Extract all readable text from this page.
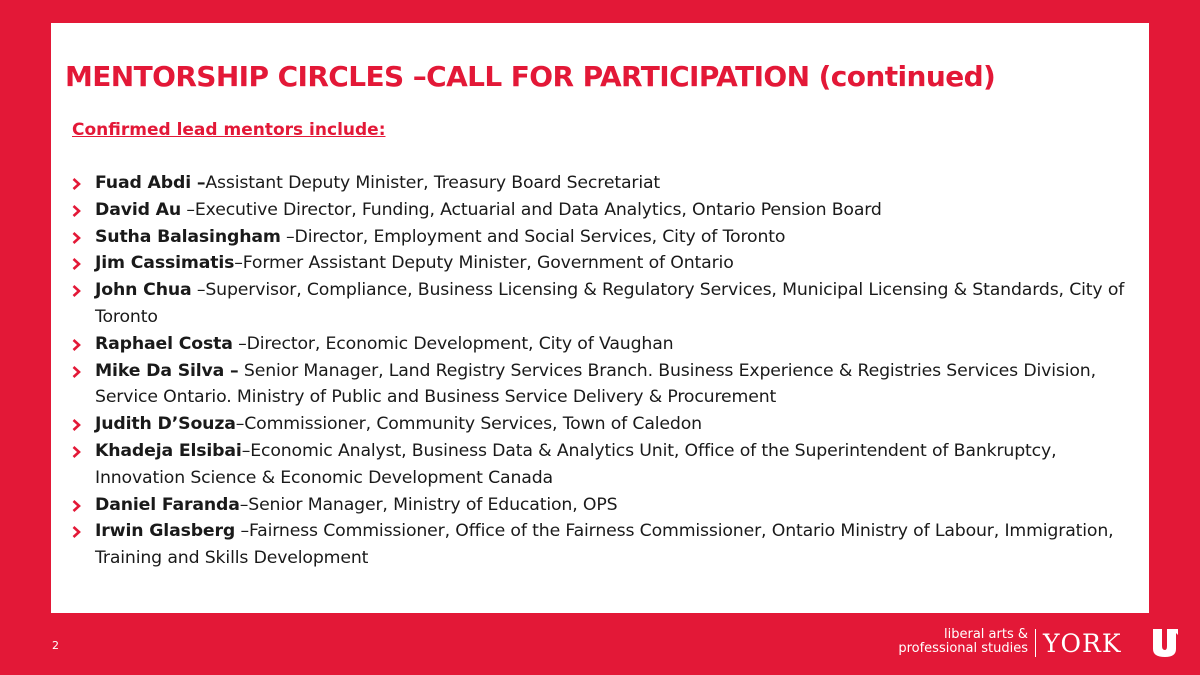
MENTORSHIP CIRCLES –CALL FOR PARTICIPATION (continued)
Confirmed lead mentors include:
Fuad Abdi –Assistant Deputy Minister, Treasury Board Secretariat
David Au –Executive Director, Funding, Actuarial and Data Analytics, Ontario Pension Board
Sutha Balasingham –Director, Employment and Social Services, City of Toronto
Jim Cassimatis–Former Assistant Deputy Minister, Government of Ontario
John Chua –Supervisor, Compliance, Business Licensing & Regulatory Services, Municipal Licensing & Standards, City of Toronto
Raphael Costa –Director, Economic Development, City of Vaughan
Mike Da Silva – Senior Manager, Land Registry Services Branch. Business Experience & Registries Services Division, Service Ontario. Ministry of Public and Business Service Delivery & Procurement
Judith D’Souza–Commissioner, Community Services, Town of Caledon
Khadeja Elsibai–Economic Analyst, Business Data & Analytics Unit, Office of the Superintendent of Bankruptcy, Innovation Science & Economic Development Canada
Daniel Faranda–Senior Manager, Ministry of Education, OPS
Irwin Glasberg –Fairness Commissioner, Office of the Fairness Commissioner, Ontario Ministry of Labour, Immigration, Training and Skills Development
2
liberal arts &
professional studies YORK
